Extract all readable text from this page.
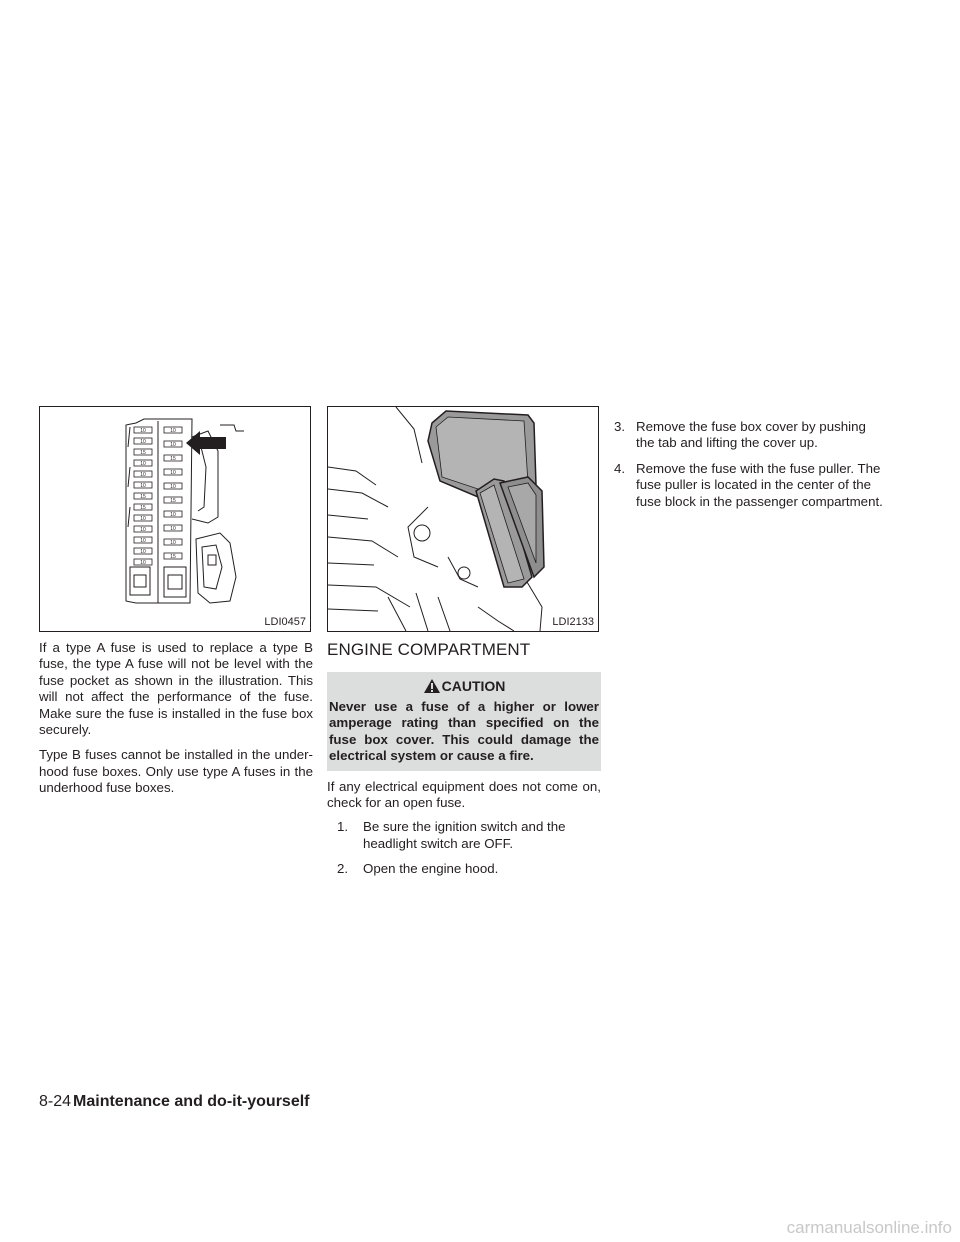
10
10
15
10
10
10
15
15
10
10
10
10
10
10
10
15
10
10
15
10
10
10
15
LDI0457

If a type A fuse is used to replace a type B fuse, the type A fuse will not be level with the fuse pocket as shown in the illustration. This will not affect the performance of the fuse. Make sure the fuse is installed in the fuse box securely.

Type B fuses cannot be installed in the under-hood fuse boxes. Only use type A fuses in the underhood fuse boxes.

LDI2133
ENGINE COMPARTMENT
CAUTION

Never use a fuse of a higher or lower amperage rating than specified on the fuse box cover. This could damage the electrical system or cause a fire.

If any electrical equipment does not come on, check for an open fuse.

1. Be sure the ignition switch and the headlight switch are OFF.
2. Open the engine hood.
3. Remove the fuse box cover by pushing the tab and lifting the cover up.
4. Remove the fuse with the fuse puller. The fuse puller is located in the center of the fuse block in the passenger compartment.
8-24 Maintenance and do-it-yourself
carmanualsonline.info
